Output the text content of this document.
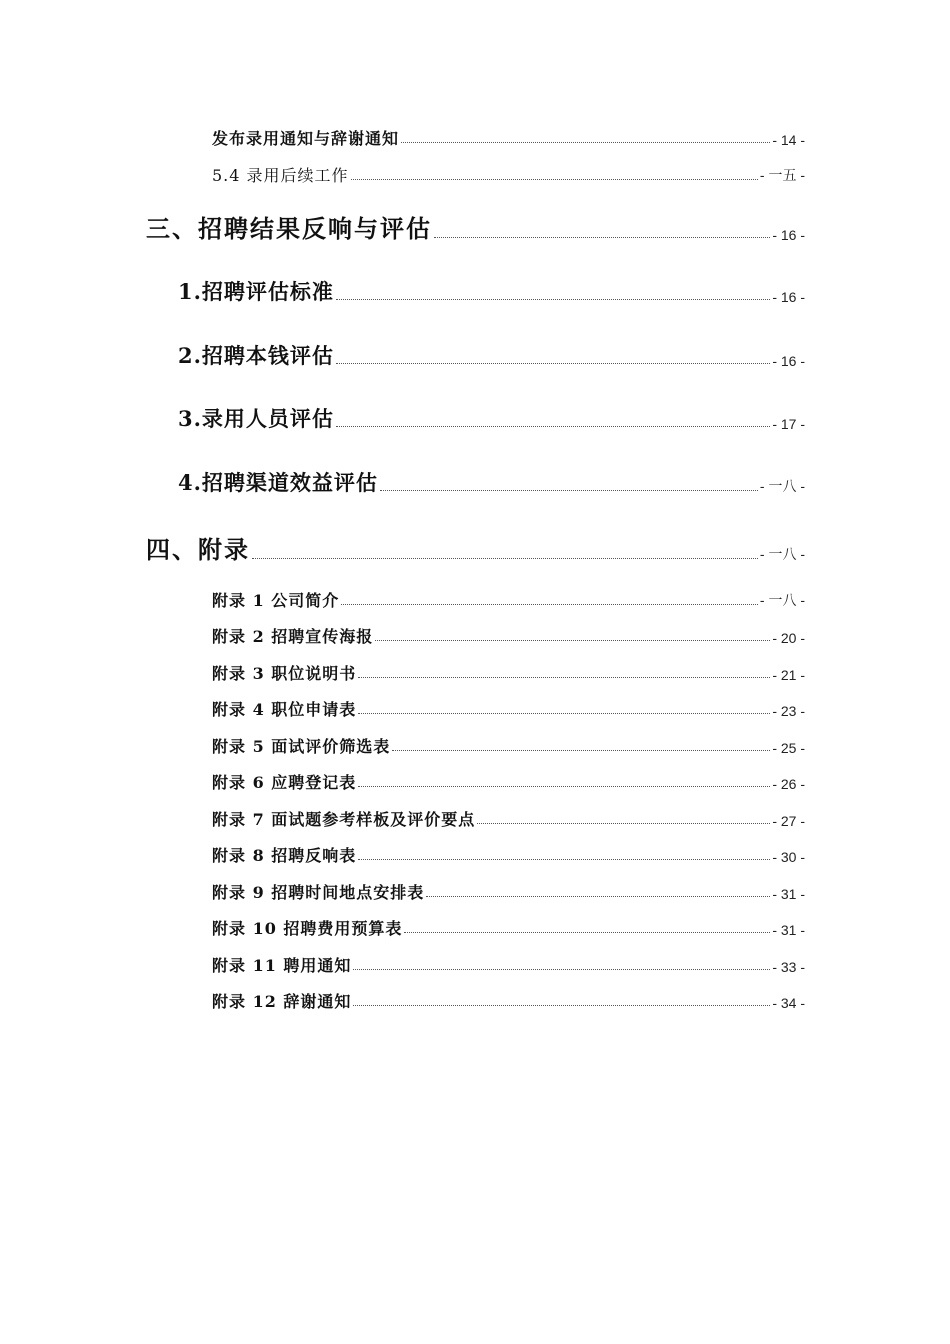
发布录用通知与辞谢通知	- 14 -
5.4 录用后续工作	- 一五 -
三、招聘结果反响与评估	- 16 -
1.招聘评估标准	- 16 -
2.招聘本钱评估	- 16 -
3.录用人员评估	- 17 -
4.招聘渠道效益评估	- 一八 -
四、附录	- 一八 -
附录 1 公司简介	- 一八 -
附录 2 招聘宣传海报	- 20 -
附录 3 职位说明书	- 21 -
附录 4 职位申请表	- 23 -
附录 5 面试评价筛选表	- 25 -
附录 6 应聘登记表	- 26 -
附录 7 面试题参考样板及评价要点	- 27 -
附录 8 招聘反响表	- 30 -
附录 9 招聘时间地点安排表	- 31 -
附录 10 招聘费用预算表	- 31 -
附录 11 聘用通知	- 33 -
附录 12 辞谢通知	- 34 -
